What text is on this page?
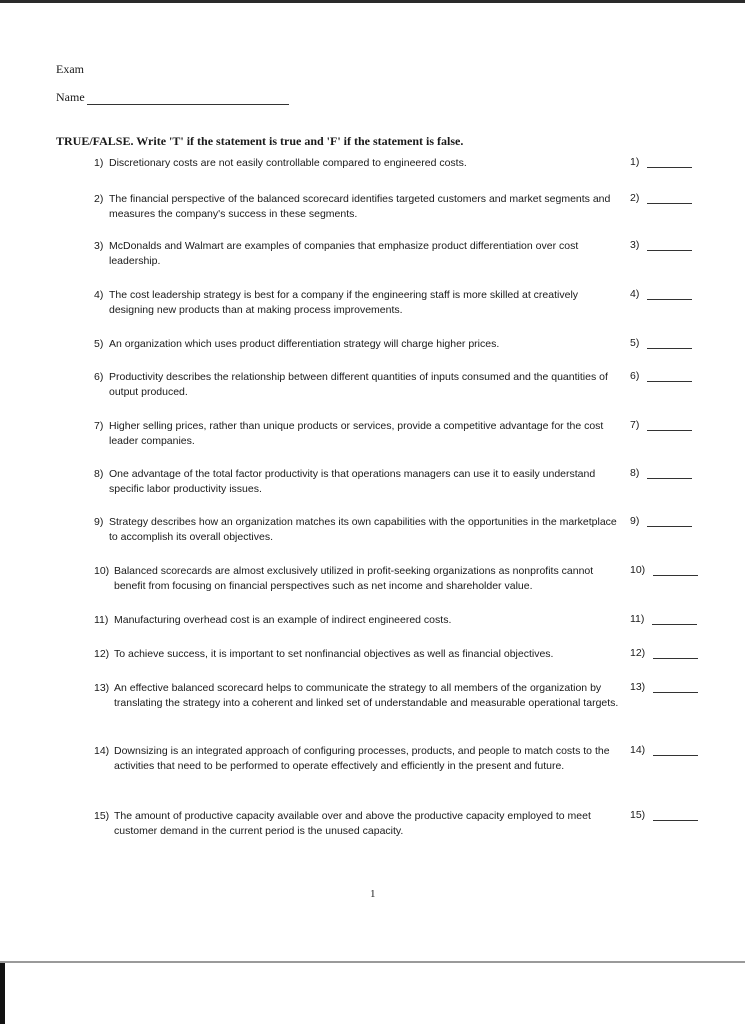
Exam
Name
TRUE/FALSE. Write 'T' if the statement is true and 'F' if the statement is false.
1) Discretionary costs are not easily controllable compared to engineered costs.	1)
2) The financial perspective of the balanced scorecard identifies targeted customers and market segments and measures the company's success in these segments.
2)
3) McDonalds and Walmart are examples of companies that emphasize product differentiation over cost leadership.
3)
4) The cost leadership strategy is best for a company if the engineering staff is more skilled at creatively designing new products than at making process improvements.
4)
5) An organization which uses product differentiation strategy will charge higher prices.	5)
6) Productivity describes the relationship between different quantities of inputs consumed and the quantities of output produced.
6)
7) Higher selling prices, rather than unique products or services, provide a competitive advantage for the cost leader companies.
7)
8) One advantage of the total factor productivity is that operations managers can use it to easily understand specific labor productivity issues.
8)
9) Strategy describes how an organization matches its own capabilities with the opportunities in the marketplace to accomplish its overall objectives.
9)
10) Balanced scorecards are almost exclusively utilized in profit-seeking organizations as nonprofits cannot benefit from focusing on financial perspectives such as net income and shareholder value.
10)
11) Manufacturing overhead cost is an example of indirect engineered costs.	11)
12) To achieve success, it is important to set nonfinancial objectives as well as financial objectives.	12)
13) An effective balanced scorecard helps to communicate the strategy to all members of the organization by translating the strategy into a coherent and linked set of understandable and measurable operational targets.
13)
14) Downsizing is an integrated approach of configuring processes, products, and people to match costs to the activities that need to be performed to operate effectively and efficiently in the present and future.
14)
15) The amount of productive capacity available over and above the productive capacity employed to meet customer demand in the current period is the unused capacity.
15)
1
